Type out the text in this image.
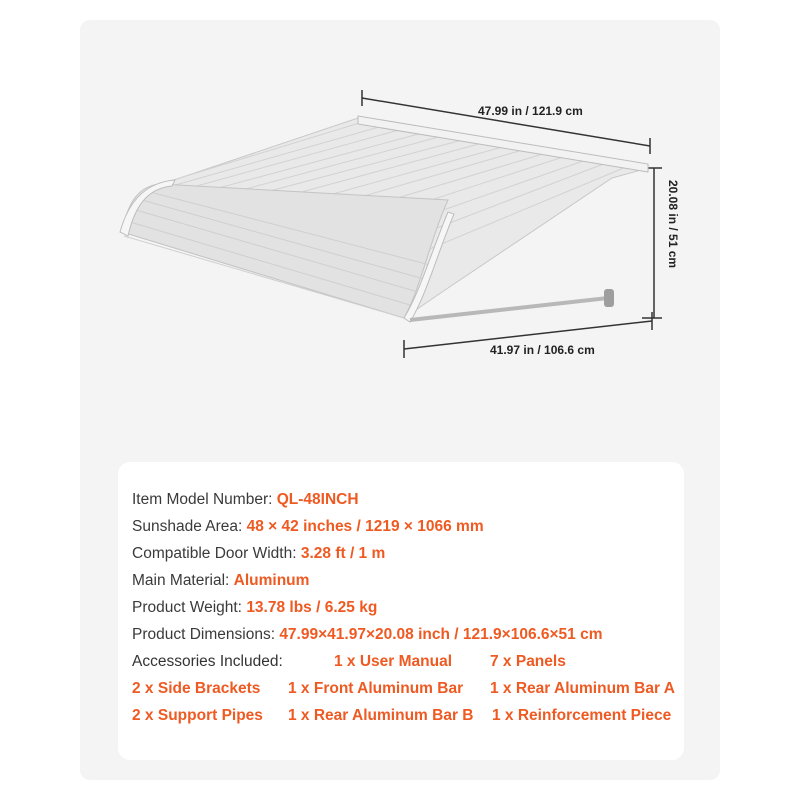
47.99 in / 121.9 cm
20.08 in / 51 cm
41.97 in / 106.6 cm
Item Model Number: QL-48INCH
Sunshade Area: 48 × 42 inches / 1219 × 1066 mm
Compatible Door Width: 3.28 ft / 1 m
Main Material: Aluminum
Product Weight: 13.78 lbs / 6.25 kg
Product Dimensions: 47.99×41.97×20.08 inch / 121.9×106.6×51 cm
Accessories Included:	1 x User Manual 7 x Panels
2 x Side Brackets 1 x Front Aluminum Bar 1 x Rear Aluminum Bar A
2 x Support Pipes 1 x Rear Aluminum Bar B 1 x Reinforcement Piece
